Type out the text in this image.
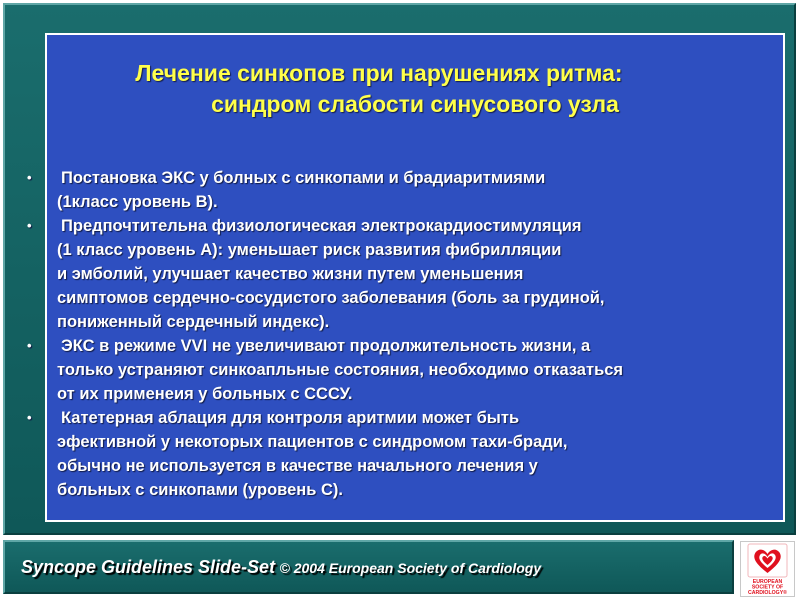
Лечение синкопов при нарушениях ритма:
синдром слабости синусового узла
• Постановка ЭКС у болных с синкопами и брадиаритмиями
(1класс уровень B).
• Предпочтительна физиологическая электрокардиостимуляция
(1 класс уровень А): уменьшает риск развития фибрилляции
и эмболий, улучшает качество жизни путем уменьшения
симптомов сердечно-сосудистого заболевания (боль за грудиной,
пониженный сердечный индекс).
• ЭКС в режиме VVI не увеличивают продолжительность жизни, а
только устраняют синкоапльные состояния, необходимо отказаться
от их применеия у больных с СССУ.
• Катетерная аблация для контроля аритмии может быть
эфективной у некоторых пациентов с синдромом тахи-бради,
обычно не используется в качестве начального лечения у
больных с синкопами (уровень С).
Syncope Guidelines Slide-Set © 2004 European Society of Cardiology
EUROPEAN
SOCIETY OF
CARDIOLOGY®
